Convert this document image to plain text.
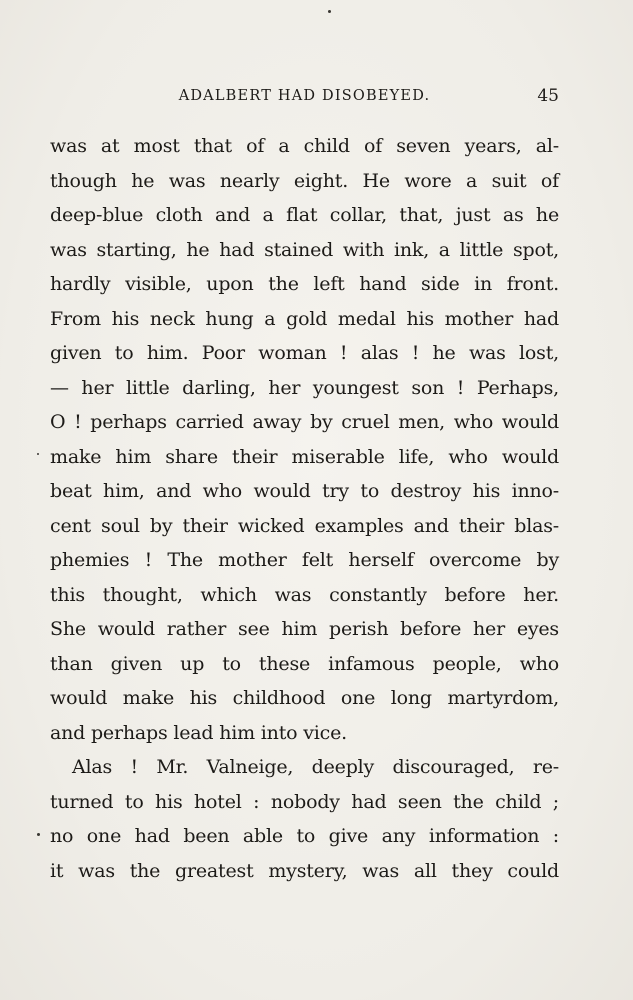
ADALBERT HAD DISOBEYED.	45
was at most that of a child of seven years, al-
though he was nearly eight. He wore a suit of
deep-blue cloth and a flat collar, that, just as he
was starting, he had stained with ink, a little spot,
hardly visible, upon the left hand side in front.
From his neck hung a gold medal his mother had
given to him. Poor woman ! alas ! he was lost,
— her little darling, her youngest son ! Perhaps,
O ! perhaps carried away by cruel men, who would
make him share their miserable life, who would
beat him, and who would try to destroy his inno-
cent soul by their wicked examples and their blas-
phemies ! The mother felt herself overcome by
this thought, which was constantly before her.
She would rather see him perish before her eyes
than given up to these infamous people, who
would make his childhood one long martyrdom,
and perhaps lead him into vice.
Alas ! Mr. Valneige, deeply discouraged, re-
turned to his hotel : nobody had seen the child ;
no one had been able to give any information :
it was the greatest mystery, was all they could
